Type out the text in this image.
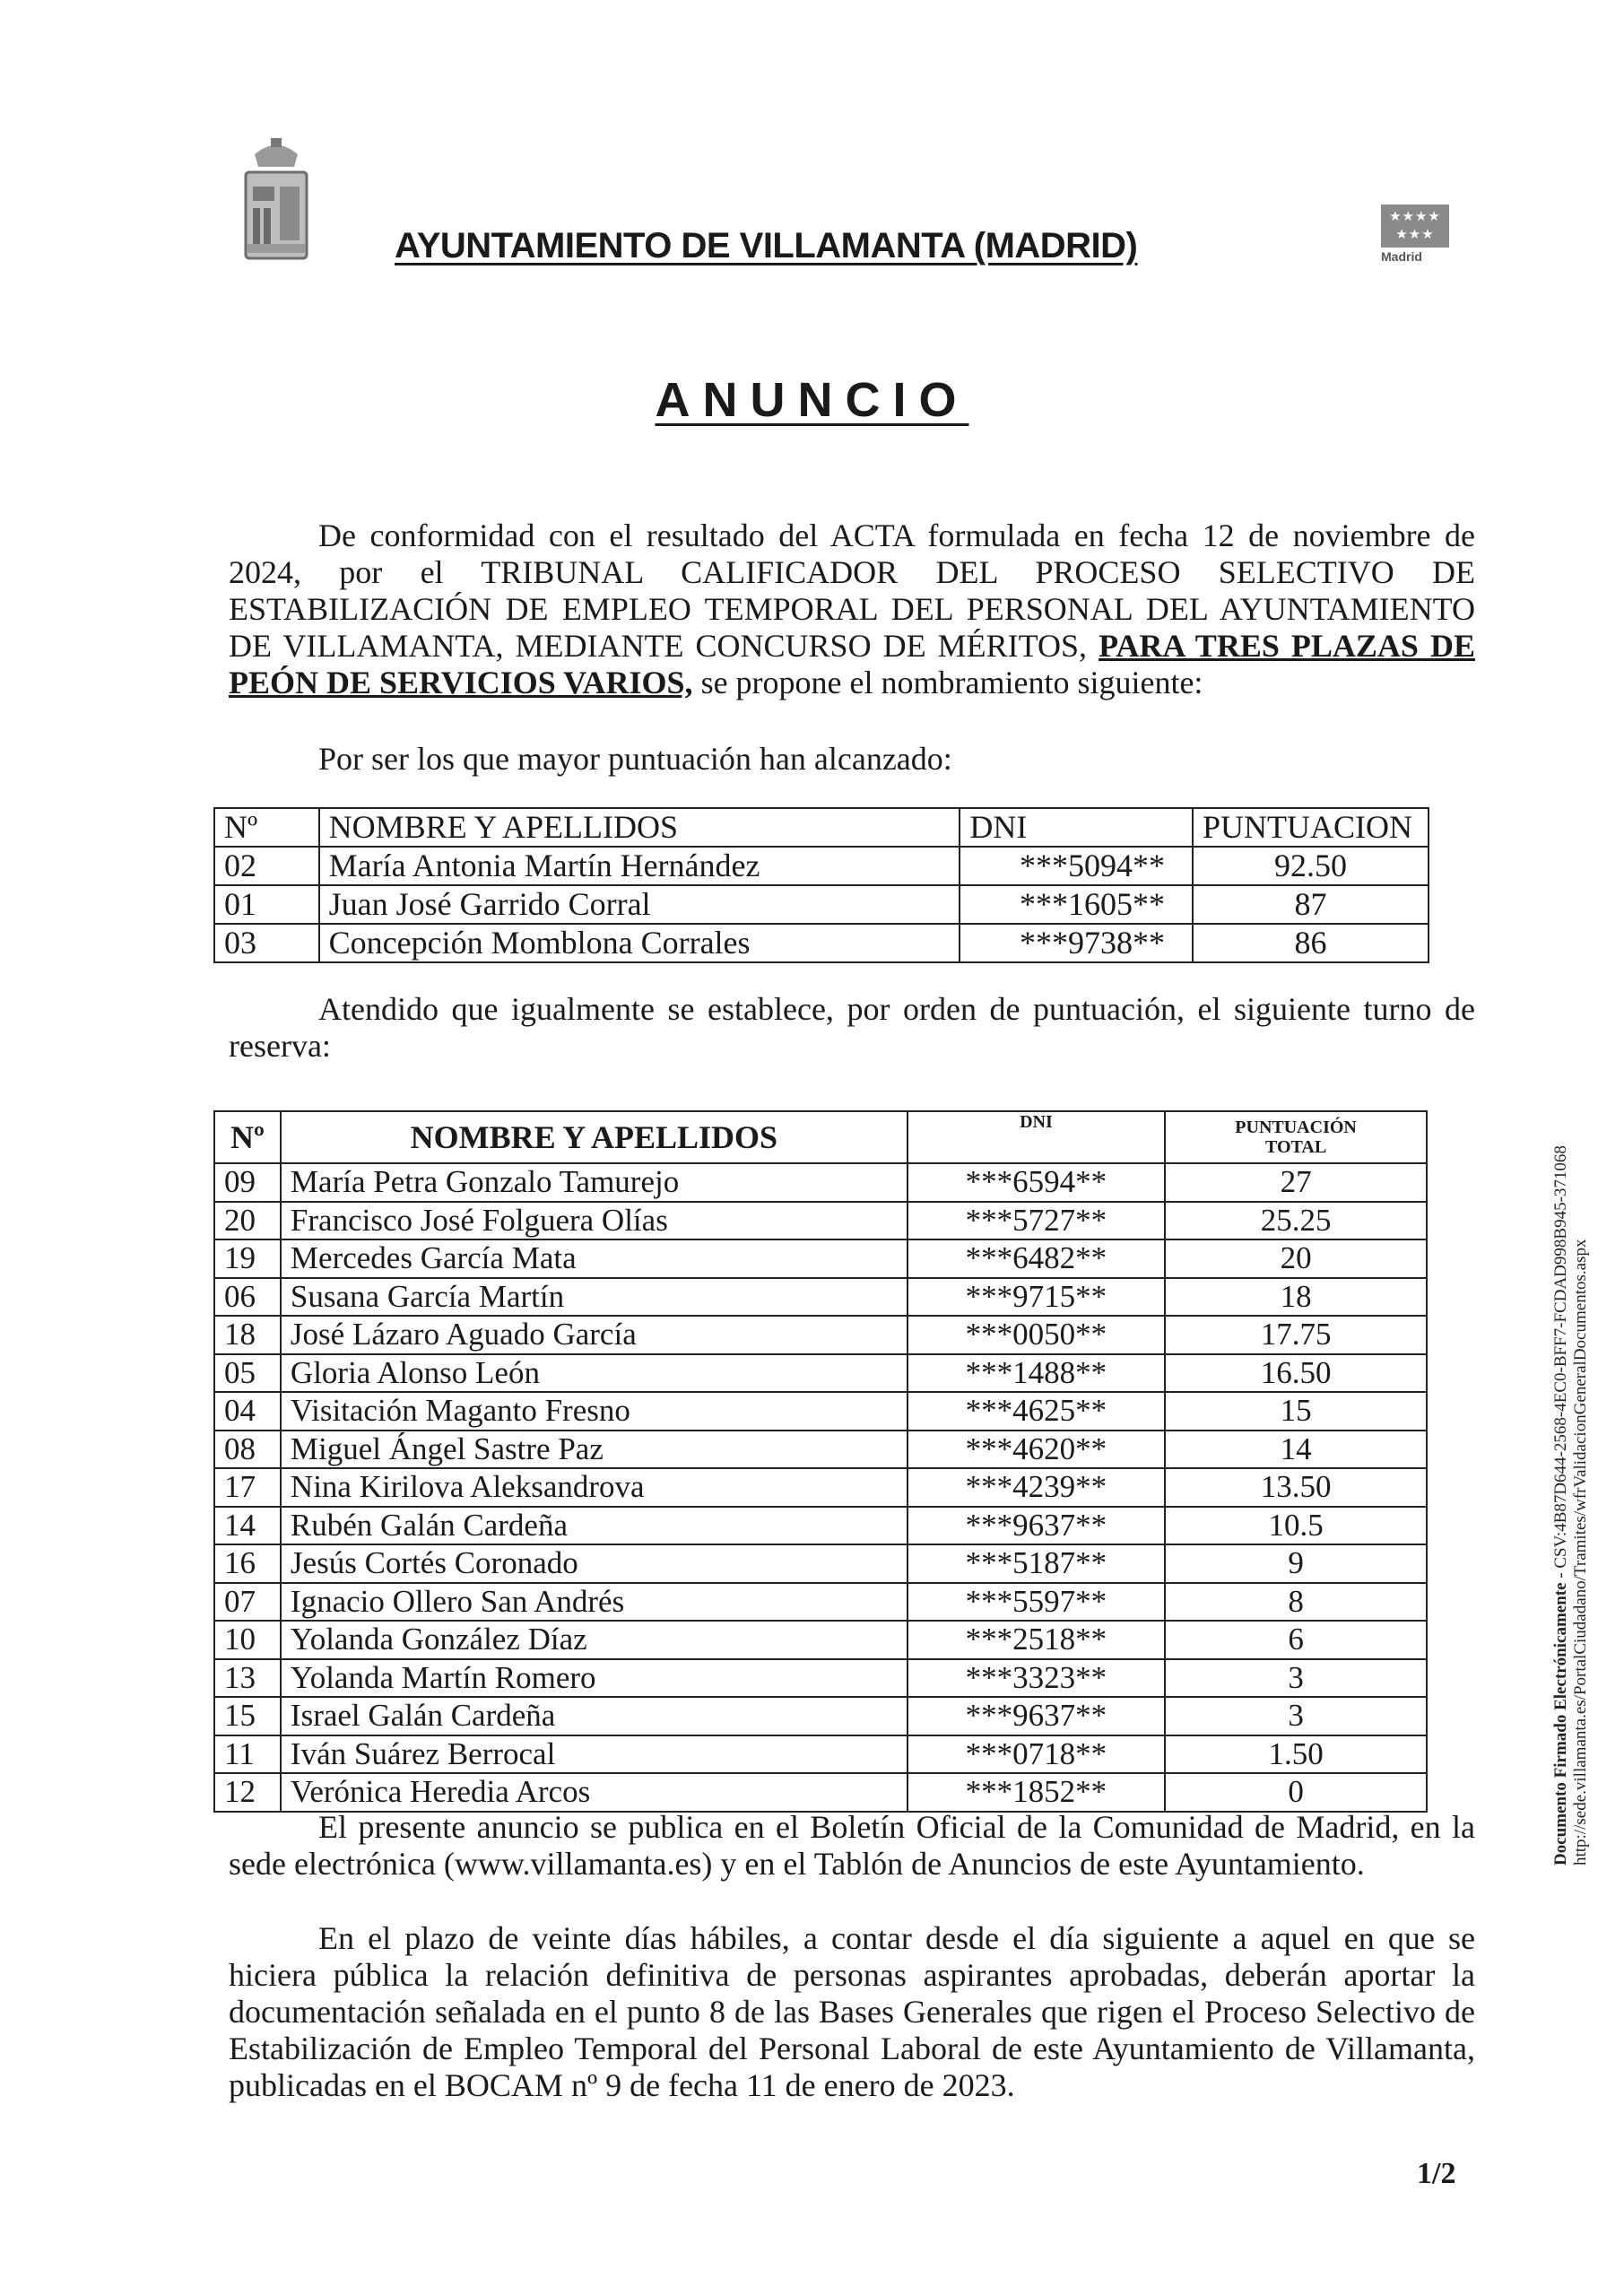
AYUNTAMIENTO DE VILLAMANTA (MADRID)
★★★★
★★★
Madrid
ANUNCIO

De conformidad con el resultado del ACTA formulada en fecha 12 de noviembre de 2024, por el TRIBUNAL CALIFICADOR DEL PROCESO SELECTIVO DE ESTABILIZACIÓN DE EMPLEO TEMPORAL DEL PERSONAL DEL AYUNTAMIENTO DE VILLAMANTA, MEDIANTE CONCURSO DE MÉRITOS, PARA TRES PLAZAS DE PEÓN DE SERVICIOS VARIOS, se propone el nombramiento siguiente:

Por ser los que mayor puntuación han alcanzado:

Nº	NOMBRE Y APELLIDOS	DNI	PUNTUACION
02	María Antonia Martín Hernández	***5094**	92.50
01	Juan José Garrido Corral	***1605**	87
03	Concepción Momblona Corrales	***9738**	86

Atendido que igualmente se establece, por orden de puntuación, el siguiente turno de reserva:

Nº	NOMBRE Y APELLIDOS	DNI	PUNTUACIÓN TOTAL
09	María Petra Gonzalo Tamurejo	***6594**	27
20	Francisco José Folguera Olías	***5727**	25.25
19	Mercedes García Mata	***6482**	20
06	Susana García Martín	***9715**	18
18	José Lázaro Aguado García	***0050**	17.75
05	Gloria Alonso León	***1488**	16.50
04	Visitación Maganto Fresno	***4625**	15
08	Miguel Ángel Sastre Paz	***4620**	14
17	Nina Kirilova Aleksandrova	***4239**	13.50
14	Rubén Galán Cardeña	***9637**	10.5
16	Jesús Cortés Coronado	***5187**	9
07	Ignacio Ollero San Andrés	***5597**	8
10	Yolanda González Díaz	***2518**	6
13	Yolanda Martín Romero	***3323**	3
15	Israel Galán Cardeña	***9637**	3
11	Iván Suárez Berrocal	***0718**	1.50
12	Verónica Heredia Arcos	***1852**	0

El presente anuncio se publica en el Boletín Oficial de la Comunidad de Madrid, en la sede electrónica (www.villamanta.es) y en el Tablón de Anuncios de este Ayuntamiento.

En el plazo de veinte días hábiles, a contar desde el día siguiente a aquel en que se hiciera pública la relación definitiva de personas aspirantes aprobadas, deberán aportar la documentación señalada en el punto 8 de las Bases Generales que rigen el Proceso Selectivo de Estabilización de Empleo Temporal del Personal Laboral de este Ayuntamiento de Villamanta, publicadas en el BOCAM nº 9 de fecha 11 de enero de 2023.

Documento Firmado Electrónicamente - CSV:4B87D644-2568-4EC0-BFF7-FCDAD998B945-371068 http://sede.villamanta.es/PortalCiudadano/Tramites/wfrValidacionGeneralDocumentos.aspx
1/2
